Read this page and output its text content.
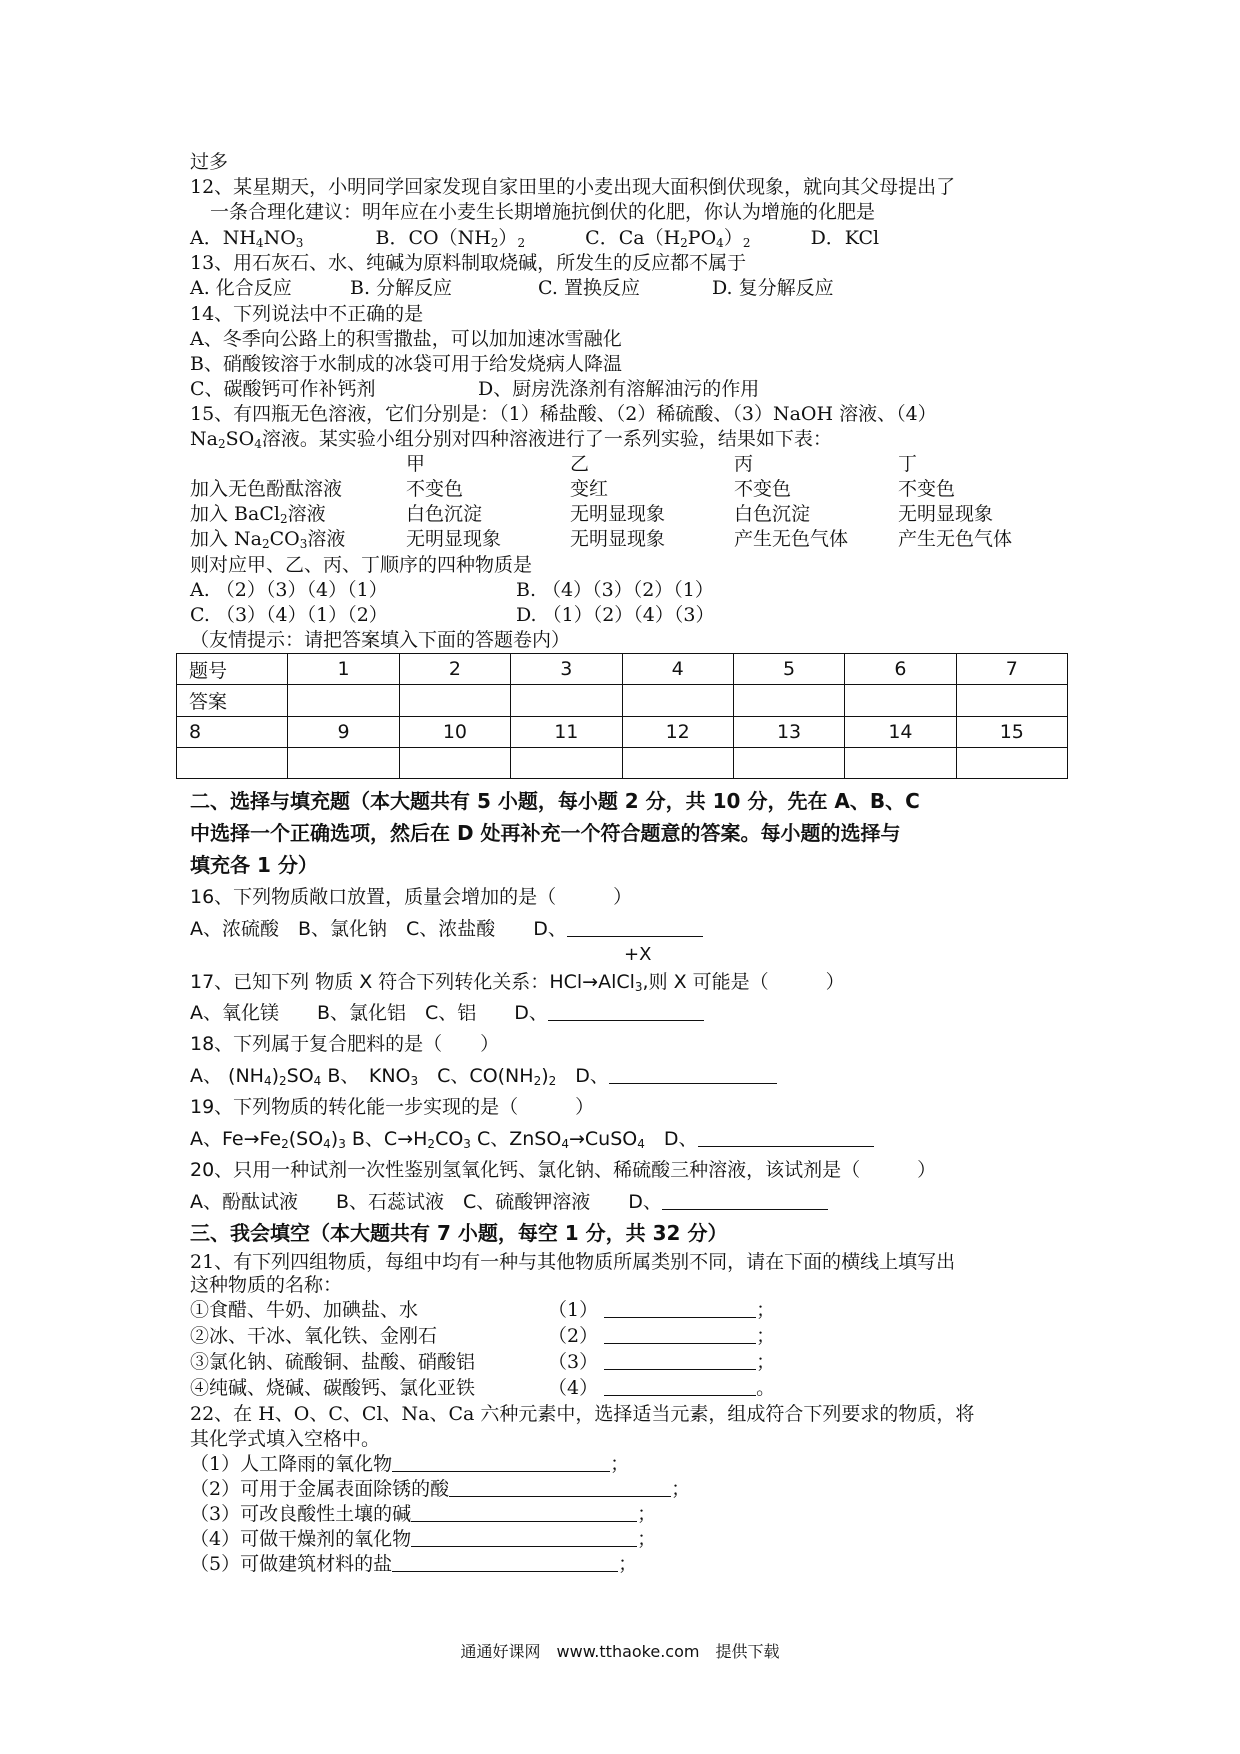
过多
12、某星期天，小明同学回家发现自家田里的小麦出现大面积倒伏现象，就向其父母提出了
一条合理化建议：明年应在小麦生长期增施抗倒伏的化肥，你认为增施的化肥是
A．$NH_4NO_3$	B．$CO(NH_2)_2$	C．$Ca(H_2PO_4)_2$	D．KCl
13、用石灰石、水、纯碱为原料制取烧碱，所发生的反应都不属于
A. 化合反应	B. 分解反应	C. 置换反应	D. 复分解反应
14、下列说法中不正确的是
A、冬季向公路上的积雪撒盐，可以加加速冰雪融化
B、硝酸铵溶于水制成的冰袋可用于给发烧病人降温
C、碳酸钙可作补钙剂	D、厨房洗涤剂有溶解油污的作用
15、有四瓶无色溶液，它们分别是：（1）稀盐酸、（2）稀硫酸、（3）NaOH 溶液、（4）
$Na_2SO_4$溶液。某实验小组分别对四种溶液进行了一系列实验，结果如下表：
甲	乙	丙	丁
加入无色酚酞溶液	不变色	变红	不变色	不变色
加入 BaCl$_2$溶液	白色沉淀	无明显现象	白色沉淀	无明显现象
加入 $Na_2CO_3$溶液	无明显现象	无明显现象	产生无色气体	产生无色气体
则对应甲、乙、丙、丁顺序的四种物质是
A. （2）（3）（4）（1）	B. （4）（3）（2）（1）
C. （3）（4）（1）（2）	D. （1）（2）（4）（3）
（友情提示：请把答案填入下面的答题卷内）
题号	1	2	3	4	5	6	7
答案							
8	9	10	11	12	13	14	15

二、选择与填充题（本大题共有 5 小题，每小题 2 分，共 10 分，先在 A、B、C
中选择一个正确选项，然后在 D 处再补充一个符合题意的答案。每小题的选择与
填充各 1 分）
16、下列物质敞口放置，质量会增加的是（　　　）
A、浓硫酸　B、氯化钠　C、浓盐酸　　D、
+X
17、已知下列 物质 X 符合下列转化关系：HCl→AlCl$_3$,则 X 可能是（　　　）
A、氧化镁　　B、氯化铝　C、铝　　D、
18、下列属于复合肥料的是（　　）
A、 $(NH_4)_2SO_4$ B、　$KNO_3$　C、$CO(NH_2)_2$　D、
19、下列物质的转化能一步实现的是（　　　）
A、$Fe\to Fe_2(SO_4)_3$ B、$C\to H_2CO_3$ C、ZnSO$_4$→CuSO$_4$　D、
20、只用一种试剂一次性鉴别氢氧化钙、氯化钠、稀硫酸三种溶液，该试剂是（　　　）
A、酚酞试液　　B、石蕊试液　C、硫酸钾溶液　　D、
三、我会填空（本大题共有 7 小题，每空 1 分，共 32 分）
21、有下列四组物质，每组中均有一种与其他物质所属类别不同，请在下面的横线上填写出
这种物质的名称：
①食醋、牛奶、加碘盐、水	（1）	；
②冰、干冰、氧化铁、金刚石	（2）	；
③氯化钠、硫酸铜、盐酸、硝酸铝	（3）	；
④纯碱、烧碱、碳酸钙、氯化亚铁	（4）	。
22、在 H、O、C、Cl、Na、Ca 六种元素中，选择适当元素，组成符合下列要求的物质，将
其化学式填入空格中。
（1）人工降雨的氧化物	；
（2）可用于金属表面除锈的酸	；
（3）可改良酸性土壤的碱	；
（4）可做干燥剂的氧化物	；
（5）可做建筑材料的盐	；
通通好课网　www.tthaoke.com　提供下载
